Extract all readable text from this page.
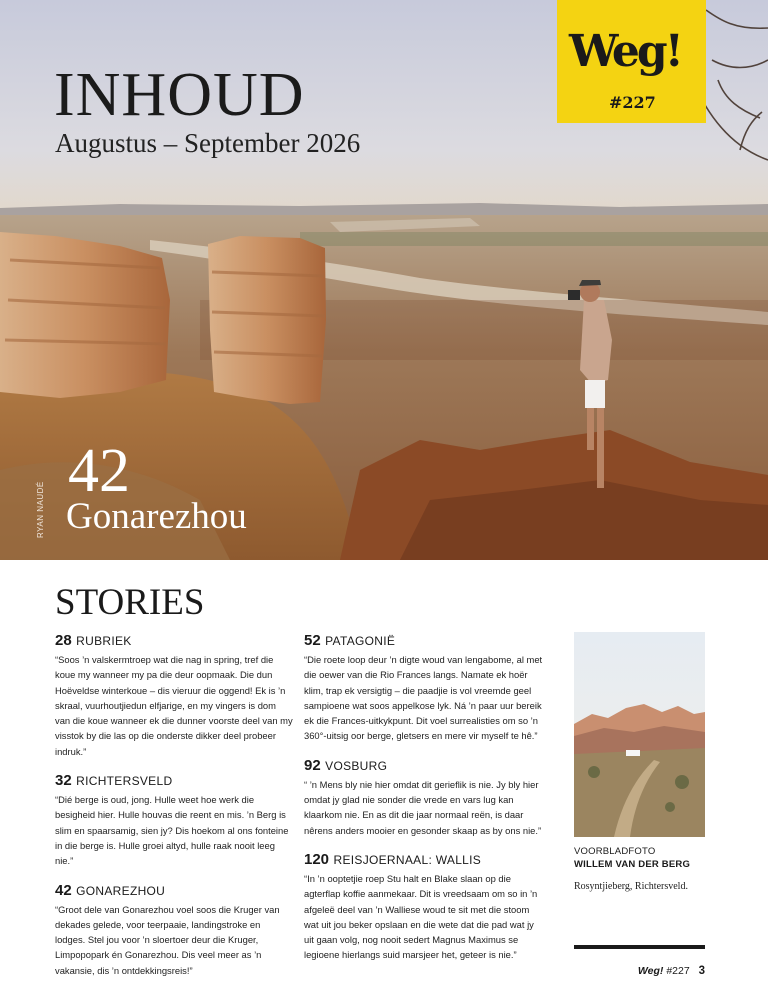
INHOUD
Augustus – September 2026
Weg!
#227
42
Gonarezhou
RYAN NAUDÉ
STORIES
28 RUBRIEK

“Soos ’n valskermtroep wat die nag in spring, tref die koue my wanneer my pa die deur oopmaak. Die dun Hoëveldse winterkoue – dis vieruur die oggend! Ek is ’n skraal, vuurhoutjiedun elfjarige, en my vingers is dom van die koue wanneer ek die dunner voorste deel van my visstok by die las op die onderste dikker deel probeer indruk.”

32 RICHTERSVELD

“Dié berge is oud, jong. Hulle weet hoe werk die besigheid hier. Hulle houvas die reent en mis. ’n Berg is slim en spaarsamig, sien jy? Dis hoekom al ons fonteine in die berge is. Hulle groei altyd, hulle raak nooit leeg nie.”

42 GONAREZHOU

“Groot dele van Gonarezhou voel soos die Kruger van dekades gelede, voor teerpaaie, landingstroke en lodges. Stel jou voor ’n sloertoer deur die Kruger, Limpopopark én Gonarezhou. Dis veel meer as ’n vakansie, dis ’n ontdekkingsreis!”

52 PATAGONIË

“Die roete loop deur ’n digte woud van lengabome, al met die oewer van die Rio Frances langs. Namate ek hoër klim, trap ek versigtig – die paadjie is vol vreemde geel sampioene wat soos appelkose lyk. Ná ’n paar uur bereik ek die Frances-uitkykpunt. Dit voel surrealisties om so ’n 360°-uitsig oor berge, gletsers en mere vir myself te hê.”

92 VOSBURG

“ ’n Mens bly nie hier omdat dit gerieflik is nie. Jy bly hier omdat jy glad nie sonder die vrede en vars lug kan klaarkom nie. En as dit die jaar normaal reën, is daar nêrens anders mooier en gesonder skaap as by ons nie.”

120 REISJOERNAAL: WALLIS

“In ’n ooptetjie roep Stu halt en Blake slaan op die agterflap koffie aanmekaar. Dit is vreedsaam om so in ’n afgeleë deel van ’n Walliese woud te sit met die stoom wat uit jou beker opslaan en die wete dat die pad wat jy uit gaan volg, nog nooit sedert Magnus Maximus se legioene hierlangs suid marsjeer het, geteer is nie.”

VOORBLADFOTO
WILLEM VAN DER BERG
Rosyntjieberg, Richtersveld.
Weg! #227 3
